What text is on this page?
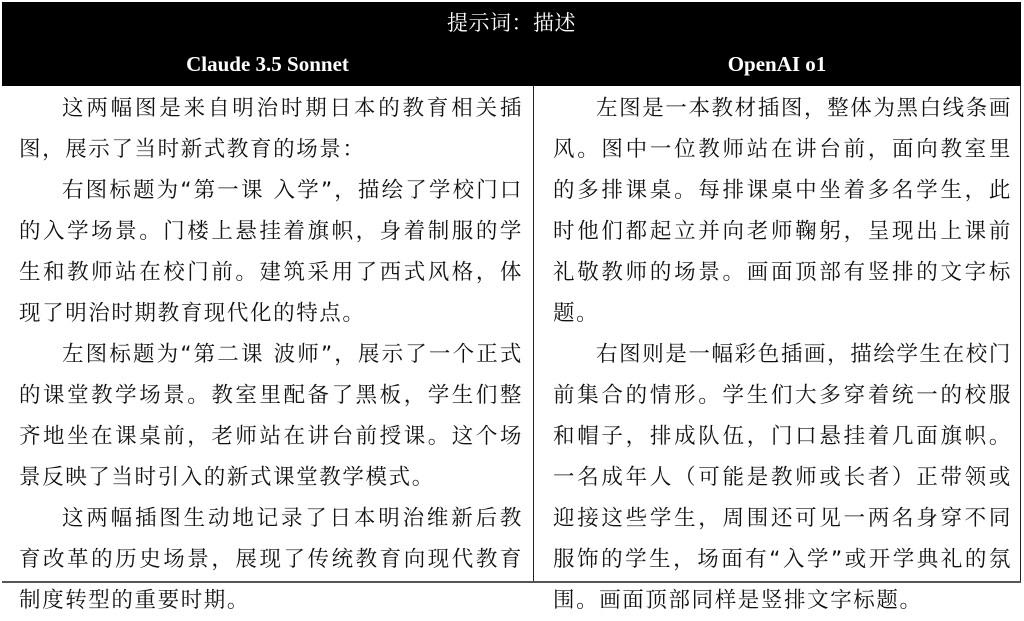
提示词：描述
Claude 3.5 Sonnet	OpenAI o1

这两幅图是来自明治时期日本的教育相关插图，展示了当时新式教育的场景：

右图标题为“第一课 入学”，描绘了学校门口的入学场景。门楼上悬挂着旗帜，身着制服的学生和教师站在校门前。建筑采用了西式风格，体现了明治时期教育现代化的特点。

左图标题为“第二课 波师”，展示了一个正式的课堂教学场景。教室里配备了黑板，学生们整齐地坐在课桌前，老师站在讲台前授课。这个场景反映了当时引入的新式课堂教学模式。

这两幅插图生动地记录了日本明治维新后教育改革的历史场景，展现了传统教育向现代教育制度转型的重要时期。

左图是一本教材插图，整体为黑白线条画风。图中一位教师站在讲台前，面向教室里的多排课桌。每排课桌中坐着多名学生，此时他们都起立并向老师鞠躬，呈现出上课前礼敬教师的场景。画面顶部有竖排的文字标题。

右图则是一幅彩色插画，描绘学生在校门前集合的情形。学生们大多穿着统一的校服和帽子，排成队伍，门口悬挂着几面旗帜。一名成年人（可能是教师或长者）正带领或迎接这些学生，周围还可见一两名身穿不同服饰的学生，场面有“入学”或开学典礼的氛围。画面顶部同样是竖排文字标题。
